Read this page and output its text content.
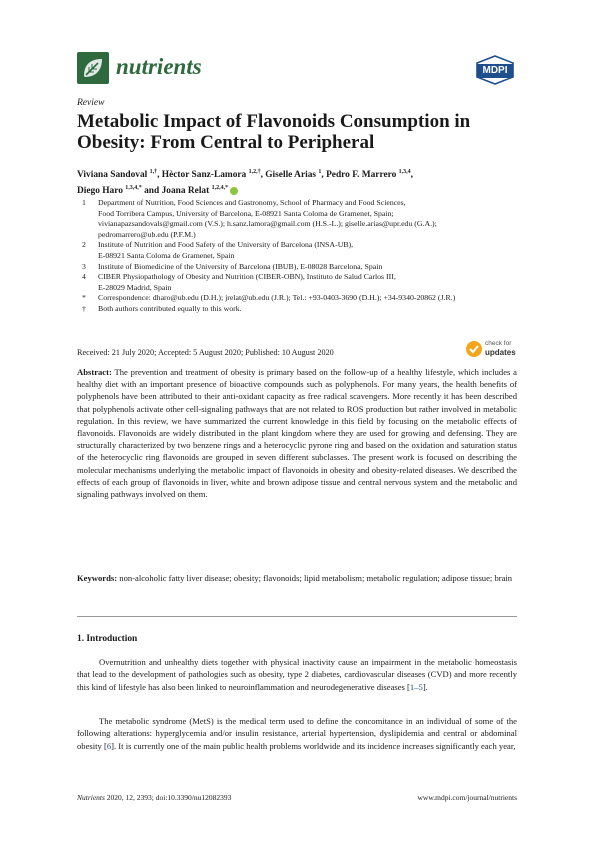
nutrients	MDPI
Review
Metabolic Impact of Flavonoids Consumption in Obesity: From Central to Peripheral
Viviana Sandoval $^{1,\dagger}$, Hèctor Sanz-Lamora $^{1,2,\dagger}$, Giselle Arias $^1$, Pedro F. Marrero $^{1,3,4}$,
Diego Haro $^{1,3,4,*}$ and Joana Relat $^{1,2,4,*}$
1 Department of Nutrition, Food Sciences and Gastronomy, School of Pharmacy and Food Sciences,
Food Torribera Campus, University of Barcelona, E-08921 Santa Coloma de Gramenet, Spain;
vivianapazsandovals@gmail.com (V.S.); h.sanz.lamora@gmail.com (H.S.-L.); giselle.arias@upr.edu (G.A.);
pedromarrero@ub.edu (P.F.M.)
2 Institute of Nutrition and Food Safety of the University of Barcelona (INSA-UB),
E-08921 Santa Coloma de Gramenet, Spain
3 Institute of Biomedicine of the University of Barcelona (IBUB), E-08028 Barcelona, Spain
4 CIBER Physiopathology of Obesity and Nutrition (CIBER-OBN), Instituto de Salud Carlos III,
E-28029 Madrid, Spain
* Correspondence: dharo@ub.edu (D.H.); jrelat@ub.edu (J.R.); Tel.: +93-0403-3690 (D.H.); +34-9340-20862 (J.R.)
† Both authors contributed equally to this work.
Received: 21 July 2020; Accepted: 5 August 2020; Published: 10 August 2020
check for
updates
Abstract: The prevention and treatment of obesity is primary based on the follow-up of a healthy lifestyle, which includes a healthy diet with an important presence of bioactive compounds such as polyphenols. For many years, the health benefits of polyphenols have been attributed to their anti-oxidant capacity as free radical scavengers. More recently it has been described that polyphenols activate other cell-signaling pathways that are not related to ROS production but rather involved in metabolic regulation. In this review, we have summarized the current knowledge in this field by focusing on the metabolic effects of flavonoids. Flavonoids are widely distributed in the plant kingdom where they are used for growing and defensing. They are structurally characterized by two benzene rings and a heterocyclic pyrone ring and based on the oxidation and saturation status of the heterocyclic ring flavonoids are grouped in seven different subclasses. The present work is focused on describing the molecular mechanisms underlying the metabolic impact of flavonoids in obesity and obesity-related diseases. We described the effects of each group of flavonoids in liver, white and brown adipose tissue and central nervous system and the metabolic and signaling pathways involved on them.
Keywords: non-alcoholic fatty liver disease; obesity; flavonoids; lipid metabolism; metabolic regulation; adipose tissue; brain
1. Introduction

Overnutrition and unhealthy diets together with physical inactivity cause an impairment in the metabolic homeostasis that lead to the development of pathologies such as obesity, type 2 diabetes, cardiovascular diseases (CVD) and more recently this kind of lifestyle has also been linked to neuroinflammation and neurodegenerative diseases [1–5].

The metabolic syndrome (MetS) is the medical term used to define the concomitance in an individual of some of the following alterations: hyperglycemia and/or insulin resistance, arterial hypertension, dyslipidemia and central or abdominal obesity [6]. It is currently one of the main public health problems worldwide and its incidence increases significantly each year,

Nutrients 2020, 12, 2393; doi:10.3390/nu12082393	www.mdpi.com/journal/nutrients
